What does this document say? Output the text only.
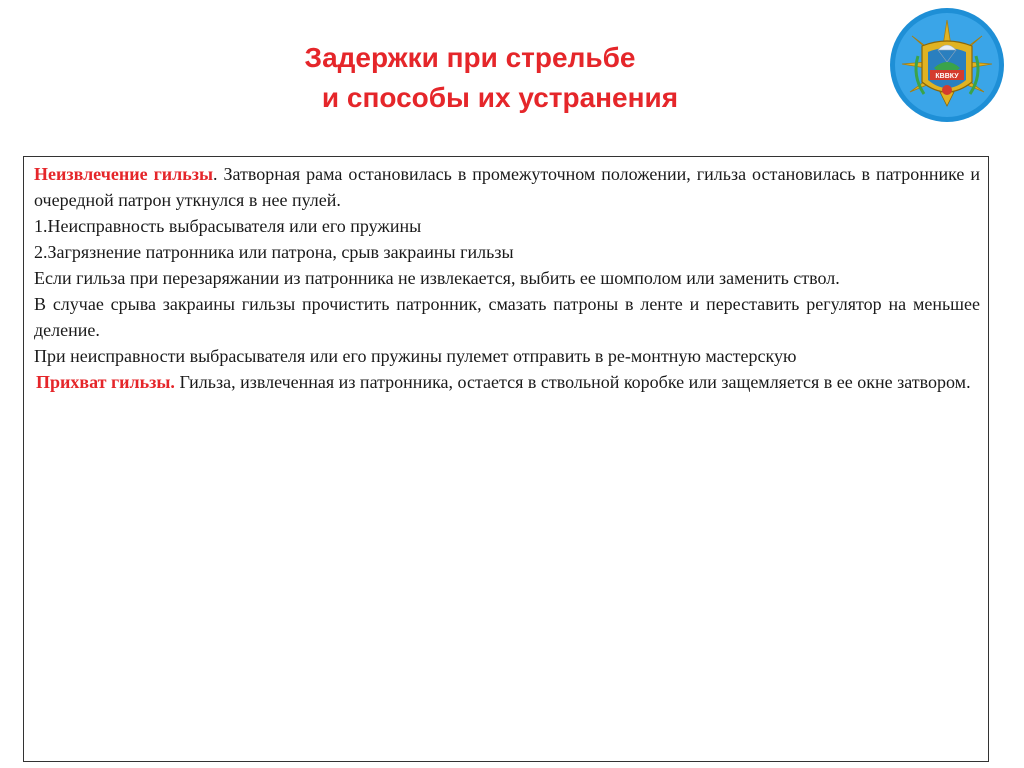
Задержки при стрельбе
и способы их устранения
КВВКУ

Неизвлечение гильзы. Затворная рама остановилась в промежуточном положении, гильза остановилась в патроннике и очередной патрон уткнулся в нее пулей.

1.Неисправность выбрасывателя или его пружины

2.Загрязнение патронника или патрона, срыв закраины гильзы

Если гильза при перезаряжании из патронника не извлекается, выбить ее шомполом или заменить ствол.

В случае срыва закраины гильзы прочистить патронник, смазать патроны в ленте и переставить регулятор на меньшее деление.

При неисправности выбрасывателя или его пружины пулемет отправить в ре-монтную мастерскую

Прихват гильзы. Гильза, извлеченная из патронника, остается в ствольной коробке или защемляется в ее окне затвором.
